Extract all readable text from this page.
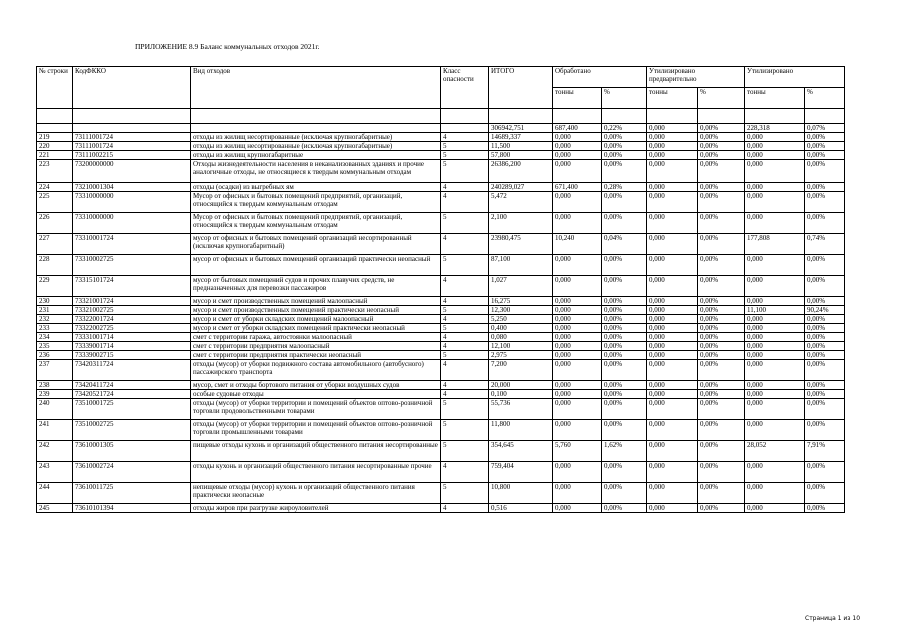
ПРИЛОЖЕНИЕ 8.9 Баланс коммунальных отходов 2021г.
№ строки	КодФККО	Вид отходов	Класс опасности	ИТОГО	Обработано		Утилизировано предварительно		Утилизировано	
					тонны	%	тонны	%	тонны	%

				306942,751	687,400	0,22%	0,000	0,00%	228,318	0,07%
219	73111001724	отходы из жилищ несортированные (исключая крупногабаритные)	4	14689,337	0,000	0,00%	0,000	0,00%	0,000	0,00%
220	73111001724	отходы из жилищ несортированные (исключая крупногабаритные)	5	11,500	0,000	0,00%	0,000	0,00%	0,000	0,00%
221	73111002215	отходы из жилищ крупногабаритные	5	57,800	0,000	0,00%	0,000	0,00%	0,000	0,00%
223	73200000000	Отходы жизнедеятельности населения в неканализованных зданиях и прочие аналогичные отходы, не относящиеся к твердым коммунальным отходам	5	26386,200	0,000	0,00%	0,000	0,00%	0,000	0,00%
224	73210001304	отходы (осадки) из выгребных ям	4	240289,027	671,400	0,28%	0,000	0,00%	0,000	0,00%
225	73310000000	Мусор от офисных и бытовых помещений предприятий, организаций, относящийся к твердым коммунальным отходам	4	5,472	0,000	0,00%	0,000	0,00%	0,000	0,00%
226	73310000000	Мусор от офисных и бытовых помещений предприятий, организаций, относящийся к твердым коммунальным отходам	5	2,100	0,000	0,00%	0,000	0,00%	0,000	0,00%
227	73310001724	мусор от офисных и бытовых помещений организаций несортированный (исключая крупногабаритный)	4	23980,475	10,240	0,04%	0,000	0,00%	177,808	0,74%
228	73310002725	мусор от офисных и бытовых помещений организаций практически неопасный	5	87,100	0,000	0,00%	0,000	0,00%	0,000	0,00%
229	73315101724	мусор от бытовых помещений судов и прочих плавучих средств, не предназначенных для перевозки пассажиров	4	1,027	0,000	0,00%	0,000	0,00%	0,000	0,00%
230	73321001724	мусор и смет производственных помещений малоопасный	4	16,275	0,000	0,00%	0,000	0,00%	0,000	0,00%
231	73321002725	мусор и смет производственных помещений практически неопасный	5	12,300	0,000	0,00%	0,000	0,00%	11,100	90,24%
232	73322001724	мусор и смет от уборки складских помещений малоопасный	4	5,250	0,000	0,00%	0,000	0,00%	0,000	0,00%
233	73322002725	мусор и смет от уборки складских помещений практически неопасный	5	0,400	0,000	0,00%	0,000	0,00%	0,000	0,00%
234	73331001714	смет с территории гаража, автостоянки малоопасный	4	0,080	0,000	0,00%	0,000	0,00%	0,000	0,00%
235	73339001714	смет с территории предприятия малоопасный	4	12,100	0,000	0,00%	0,000	0,00%	0,000	0,00%
236	73339002715	смет с территории предприятия практически неопасный	5	2,975	0,000	0,00%	0,000	0,00%	0,000	0,00%
237	73420311724	отходы (мусор) от уборки подвижного состава автомобильного (автобусного) пассажирского транспорта	4	7,200	0,000	0,00%	0,000	0,00%	0,000	0,00%
238	73420411724	мусор, смет и отходы бортового питания от уборки воздушных судов	4	20,000	0,000	0,00%	0,000	0,00%	0,000	0,00%
239	73420521724	особые судовые отходы	4	0,100	0,000	0,00%	0,000	0,00%	0,000	0,00%
240	73510001725	отходы (мусор) от уборки территории и помещений объектов оптово-розничной торговли продовольственными товарами	5	55,736	0,000	0,00%	0,000	0,00%	0,000	0,00%
241	73510002725	отходы (мусор) от уборки территории и помещений объектов оптово-розничной торговли промышленными товарами	5	11,800	0,000	0,00%	0,000	0,00%	0,000	0,00%
242	73610001305	пищевые отходы кухонь и организаций общественного питания несортированные	5	354,645	5,760	1,62%	0,000	0,00%	28,052	7,91%
243	73610002724	отходы кухонь и организаций общественного питания несортированные прочие	4	759,404	0,000	0,00%	0,000	0,00%	0,000	0,00%
244	73610011725	непищевые отходы (мусор) кухонь и организаций общественного питания практически неопасные	5	10,800	0,000	0,00%	0,000	0,00%	0,000	0,00%
245	73610101394	отходы жиров при разгрузке жироуловителей	4	0,516	0,000	0,00%	0,000	0,00%	0,000	0,00%
Страница 1 из 10
